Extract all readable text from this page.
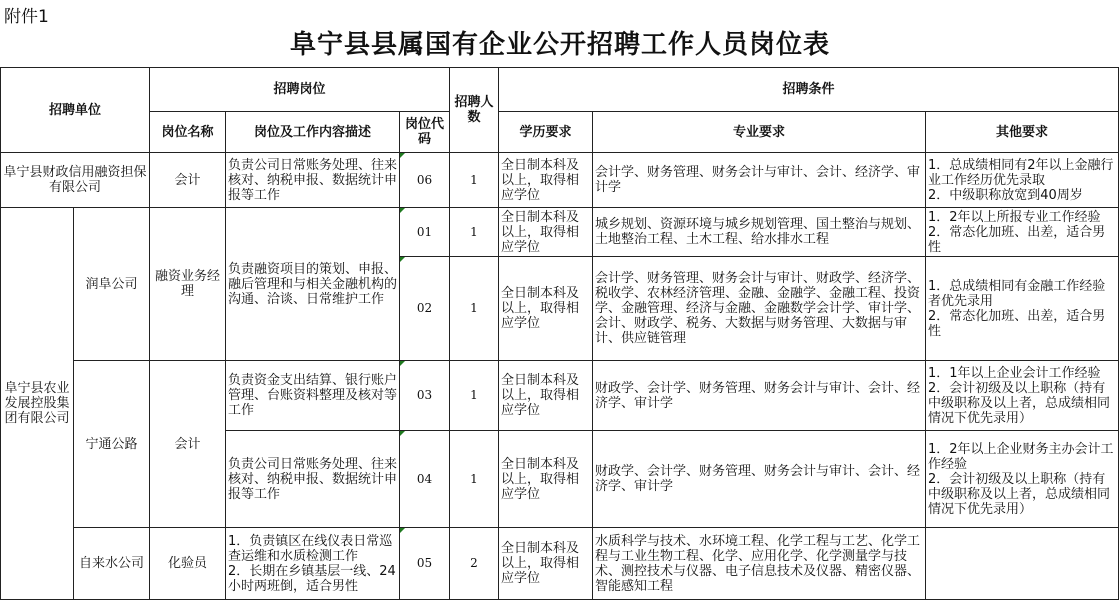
附件1
阜宁县县属国有企业公开招聘工作人员岗位表
招聘单位		招聘岗位			招聘人数	招聘条件		
		岗位名称	岗位及工作内容描述	岗位代码		学历要求	专业要求	其他要求
阜宁县财政信用融资担保有限公司		会计	负责公司日常账务处理、往来核对、纳税申报、数据统计申报等工作	06	1	全日制本科及以上，取得相应学位	会计学、财务管理、财务会计与审计、会计、经济学、审计学	1．总成绩相同有2年以上金融行业工作经历优先录取
2．中级职称放宽到40周岁
阜宁县农业发展控股集团有限公司	润阜公司	融资业务经理	负责融资项目的策划、申报、融后管理和与相关金融机构的沟通、洽谈、日常维护工作	01	1	全日制本科及以上，取得相应学位	城乡规划、资源环境与城乡规划管理、国土整治与规划、土地整治工程、土木工程、给水排水工程	1．2年以上所报专业工作经验
2．常态化加班、出差，适合男性
				02	1	全日制本科及以上，取得相应学位	会计学、财务管理、财务会计与审计、财政学、经济学、税收学、农林经济管理、金融、金融学、金融工程、投资学、金融管理、经济与金融、金融数学会计学、审计学、会计、财政学、税务、大数据与财务管理、大数据与审计、供应链管理	1．总成绩相同有金融工作经验者优先录用
2．常态化加班、出差，适合男性
	宁通公路	会计	负责资金支出结算、银行账户管理、台账资料整理及核对等工作	03	1	全日制本科及以上，取得相应学位	财政学、会计学、财务管理、财务会计与审计、会计、经济学、审计学	1．1年以上企业会计工作经验
2．会计初级及以上职称（持有中级职称及以上者，总成绩相同情况下优先录用）
			负责公司日常账务处理、往来核对、纳税申报、数据统计申报等工作	04	1	全日制本科及以上，取得相应学位	财政学、会计学、财务管理、财务会计与审计、会计、经济学、审计学	1．2年以上企业财务主办会计工作经验
2．会计初级及以上职称（持有中级职称及以上者，总成绩相同情况下优先录用）
	自来水公司	化验员	1．负责镇区在线仪表日常巡查运维和水质检测工作
2．长期在乡镇基层一线、24小时两班倒，适合男性	05	2	全日制本科及以上，取得相应学位	水质科学与技术、水环境工程、化学工程与工艺、化学工程与工业生物工程、化学、应用化学、化学测量学与技术、测控技术与仪器、电子信息技术及仪器、精密仪器、智能感知工程	
